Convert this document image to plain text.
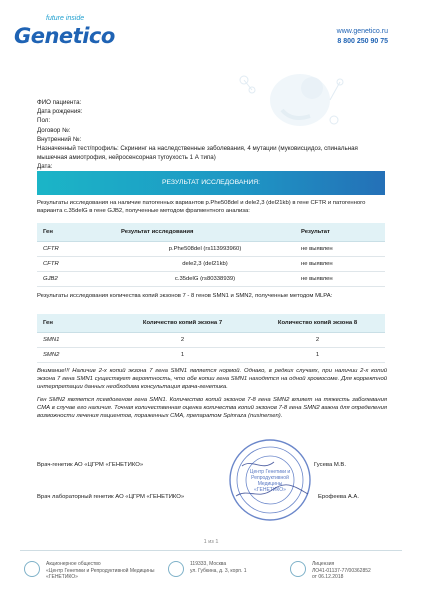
future inside
Genetico	www.genetico.ru
8 800 250 90 75
ФИО пациента:
Дата рождения:
Пол:
Договор №:
Внутренний №:
Назначенный тест/профиль: Скрининг на наследственные заболевания, 4 мутации (муковисцидоз, спинальная мышечная амиотрофия, нейросенсорная тугоухость 1 А типа)
Дата:
РЕЗУЛЬТАТ ИССЛЕДОВАНИЯ:
Результаты исследования на наличие патогенных вариантов p.Phe508del и dele2,3 (del21kb) в гене CFTR и патогенного варианта c.35delG в гене GJB2, полученные методом фрагментного анализа:
Ген	Результат исследования	Результат
CFTR	p.Phe508del (rs113993960)	не выявлен
CFTR	dele2,3 (del21kb)	не выявлен
GJB2	c.35delG (rs80338939)	не выявлен
Результаты исследования количества копий экзонов 7 - 8 генов SMN1 и SMN2, полученные методом MLPA:
Ген	Количество копий экзона 7	Количество копий экзона 8
SMN1	2	2
SMN2	1	1
Внимание!!! Наличие 2-х копий экзона 7 гена SMN1 является нормой. Однако, в редких случаях, при наличии 2-х копий экзона 7 гена SMN1 существует вероятность, что обе копии гена SMN1 находятся на одной хромосоме. Для корректной интерпретации данных необходима консультация врача-генетика.
Ген SMN2 является псевдогеном гена SMN1. Количество копий экзонов 7-8 гена SMN2 влияет на тяжесть заболевания СМА в случае его наличия. Точная количественная оценка количества копий экзонов 7-8 гена SMN2 важна для определения возможности лечения пациентов, пораженных СМА, препаратом Spinraza (nusinersen).
Врач-генетик АО «ЦГРМ «ГЕНЕТИКО»	Гусева М.В.
Врач лабораторный генетик АО «ЦГРМ «ГЕНЕТИКО»	Ерофеева А.А.
Центр Генетики и
Репродуктивной
Медицины
«ГЕНЕТИКО»
1 из 1
Акционерное общество
«Центр Генетики и Репродуктивной Медицины
«ГЕНЕТИКО»
119333, Москва
ул. Губкина, д. 3, корп. 1
Лицензия
ЛО41-01137-77/00362852
от 06.12.2018
